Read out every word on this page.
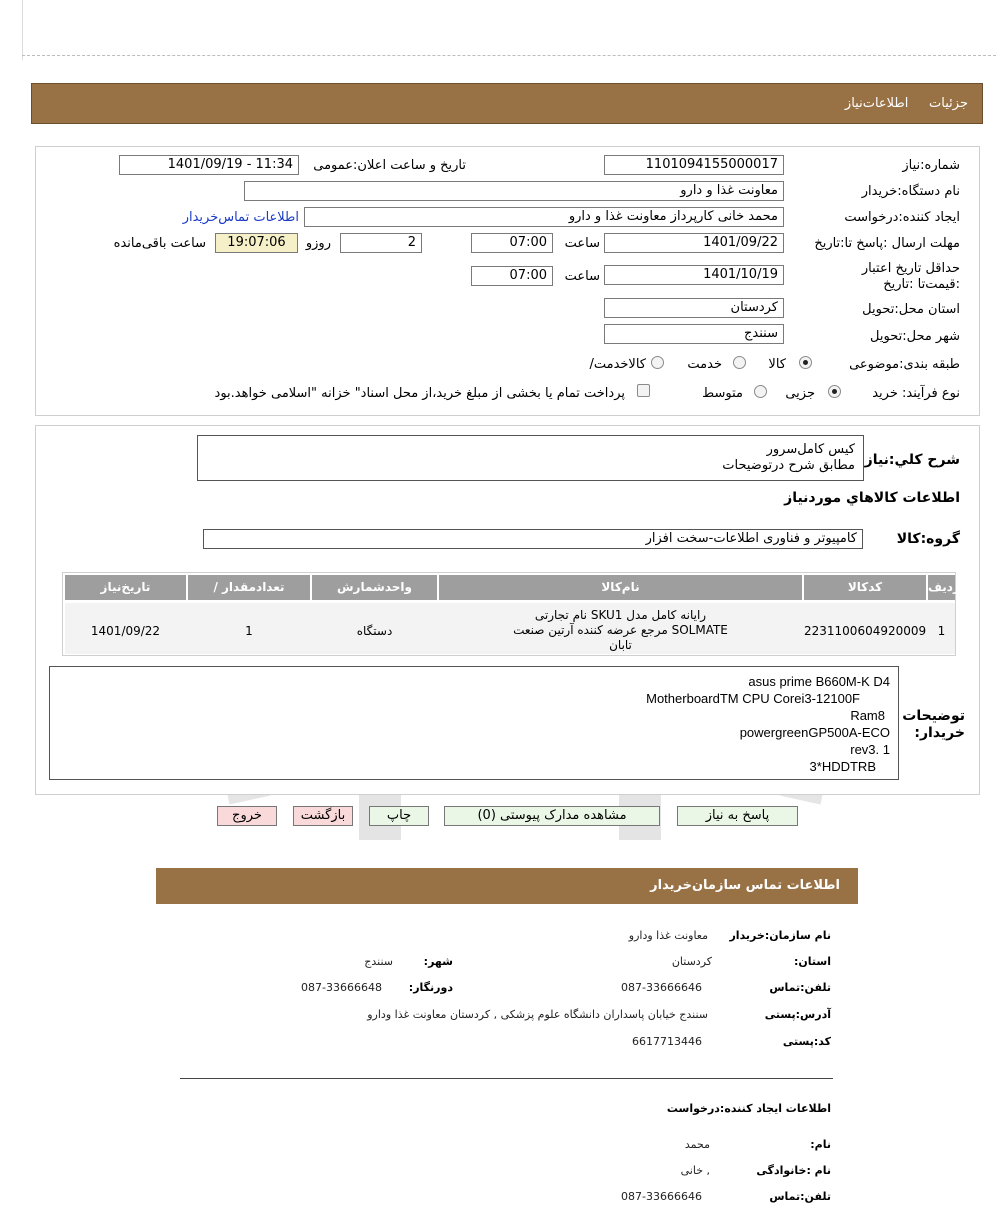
جزئیات     اطلاعات‌نیاز
شماره:نیاز
1101094155000017
تاریخ و ساعت اعلان:عمومی
1401/09/19 - 11:34
نام دستگاه:خریدار
معاونت غذا و دارو
ایجاد کننده:درخواست
محمد خانی کارپرداز معاونت غذا و دارو
اطلاعات تماس‌خریدار
مهلت ارسال :پاسخ تا:تاریخ
1401/09/22
ساعت
07:00
2
روزو
19:07:06
ساعت باقی‌مانده
حداقل تاریخ اعتبار :قیمت‌تا :تاریخ
1401/10/19
ساعت
07:00
استان محل:تحویل
کردستان
شهر محل:تحویل
سنندج
طبقه بندی:موضوعی
کالا
خدمت
/کالاخدمت
نوع فرآیند: خرید
جزیی
متوسط
پرداخت تمام یا بخشی از مبلغ خرید،از محل اسناد" خزانه "اسلامی خواهد.بود
شرح کلي:نیاز
کیس کامل‌سرور
مطابق شرح درتوضیحات
اطلاعات کالاهاي موردنیاز
گروه:کالا
کامپیوتر و فناوری اطلاعات-سخت افزار
ردیف
کدکالا
نام‌کالا
واحدشمارش
/ تعدادمقدار
تاریخ‌نیاز
1
2231100604920009
رایانه کامل مدل SKU1 نام تجارتی
SOLMATE مرجع عرضه کننده آرتین صنعت
تابان
دستگاه
1
1401/09/22
توضیحات
:خریدار
asus prime B660M-K D4
MotherboardTM CPU Corei3-12100F
Ram8
powergreenGP500A-ECO
rev3. 1
3*HDDTRB
پاسخ به نیاز
مشاهده مدارک پیوستی (0)
چاپ
بازگشت
خروج
اطلاعات تماس سازمان‌خریدار
نام سازمان:خریدار
معاونت غذا ودارو
:استان
کردستان
:شهر
سنندج
تلفن:تماس
087-33666646
:دورنگار
087-33666648
آدرس:پستی
سنندج خیابان پاسداران دانشگاه علوم پزشکی , کردستان معاونت غذا ودارو
کد:پستی
6617713446
اطلاعات ایجاد کننده:درخواست
:نام
محمد
نام :خانوادگی
خانی ,
تلفن:تماس
087-33666646
